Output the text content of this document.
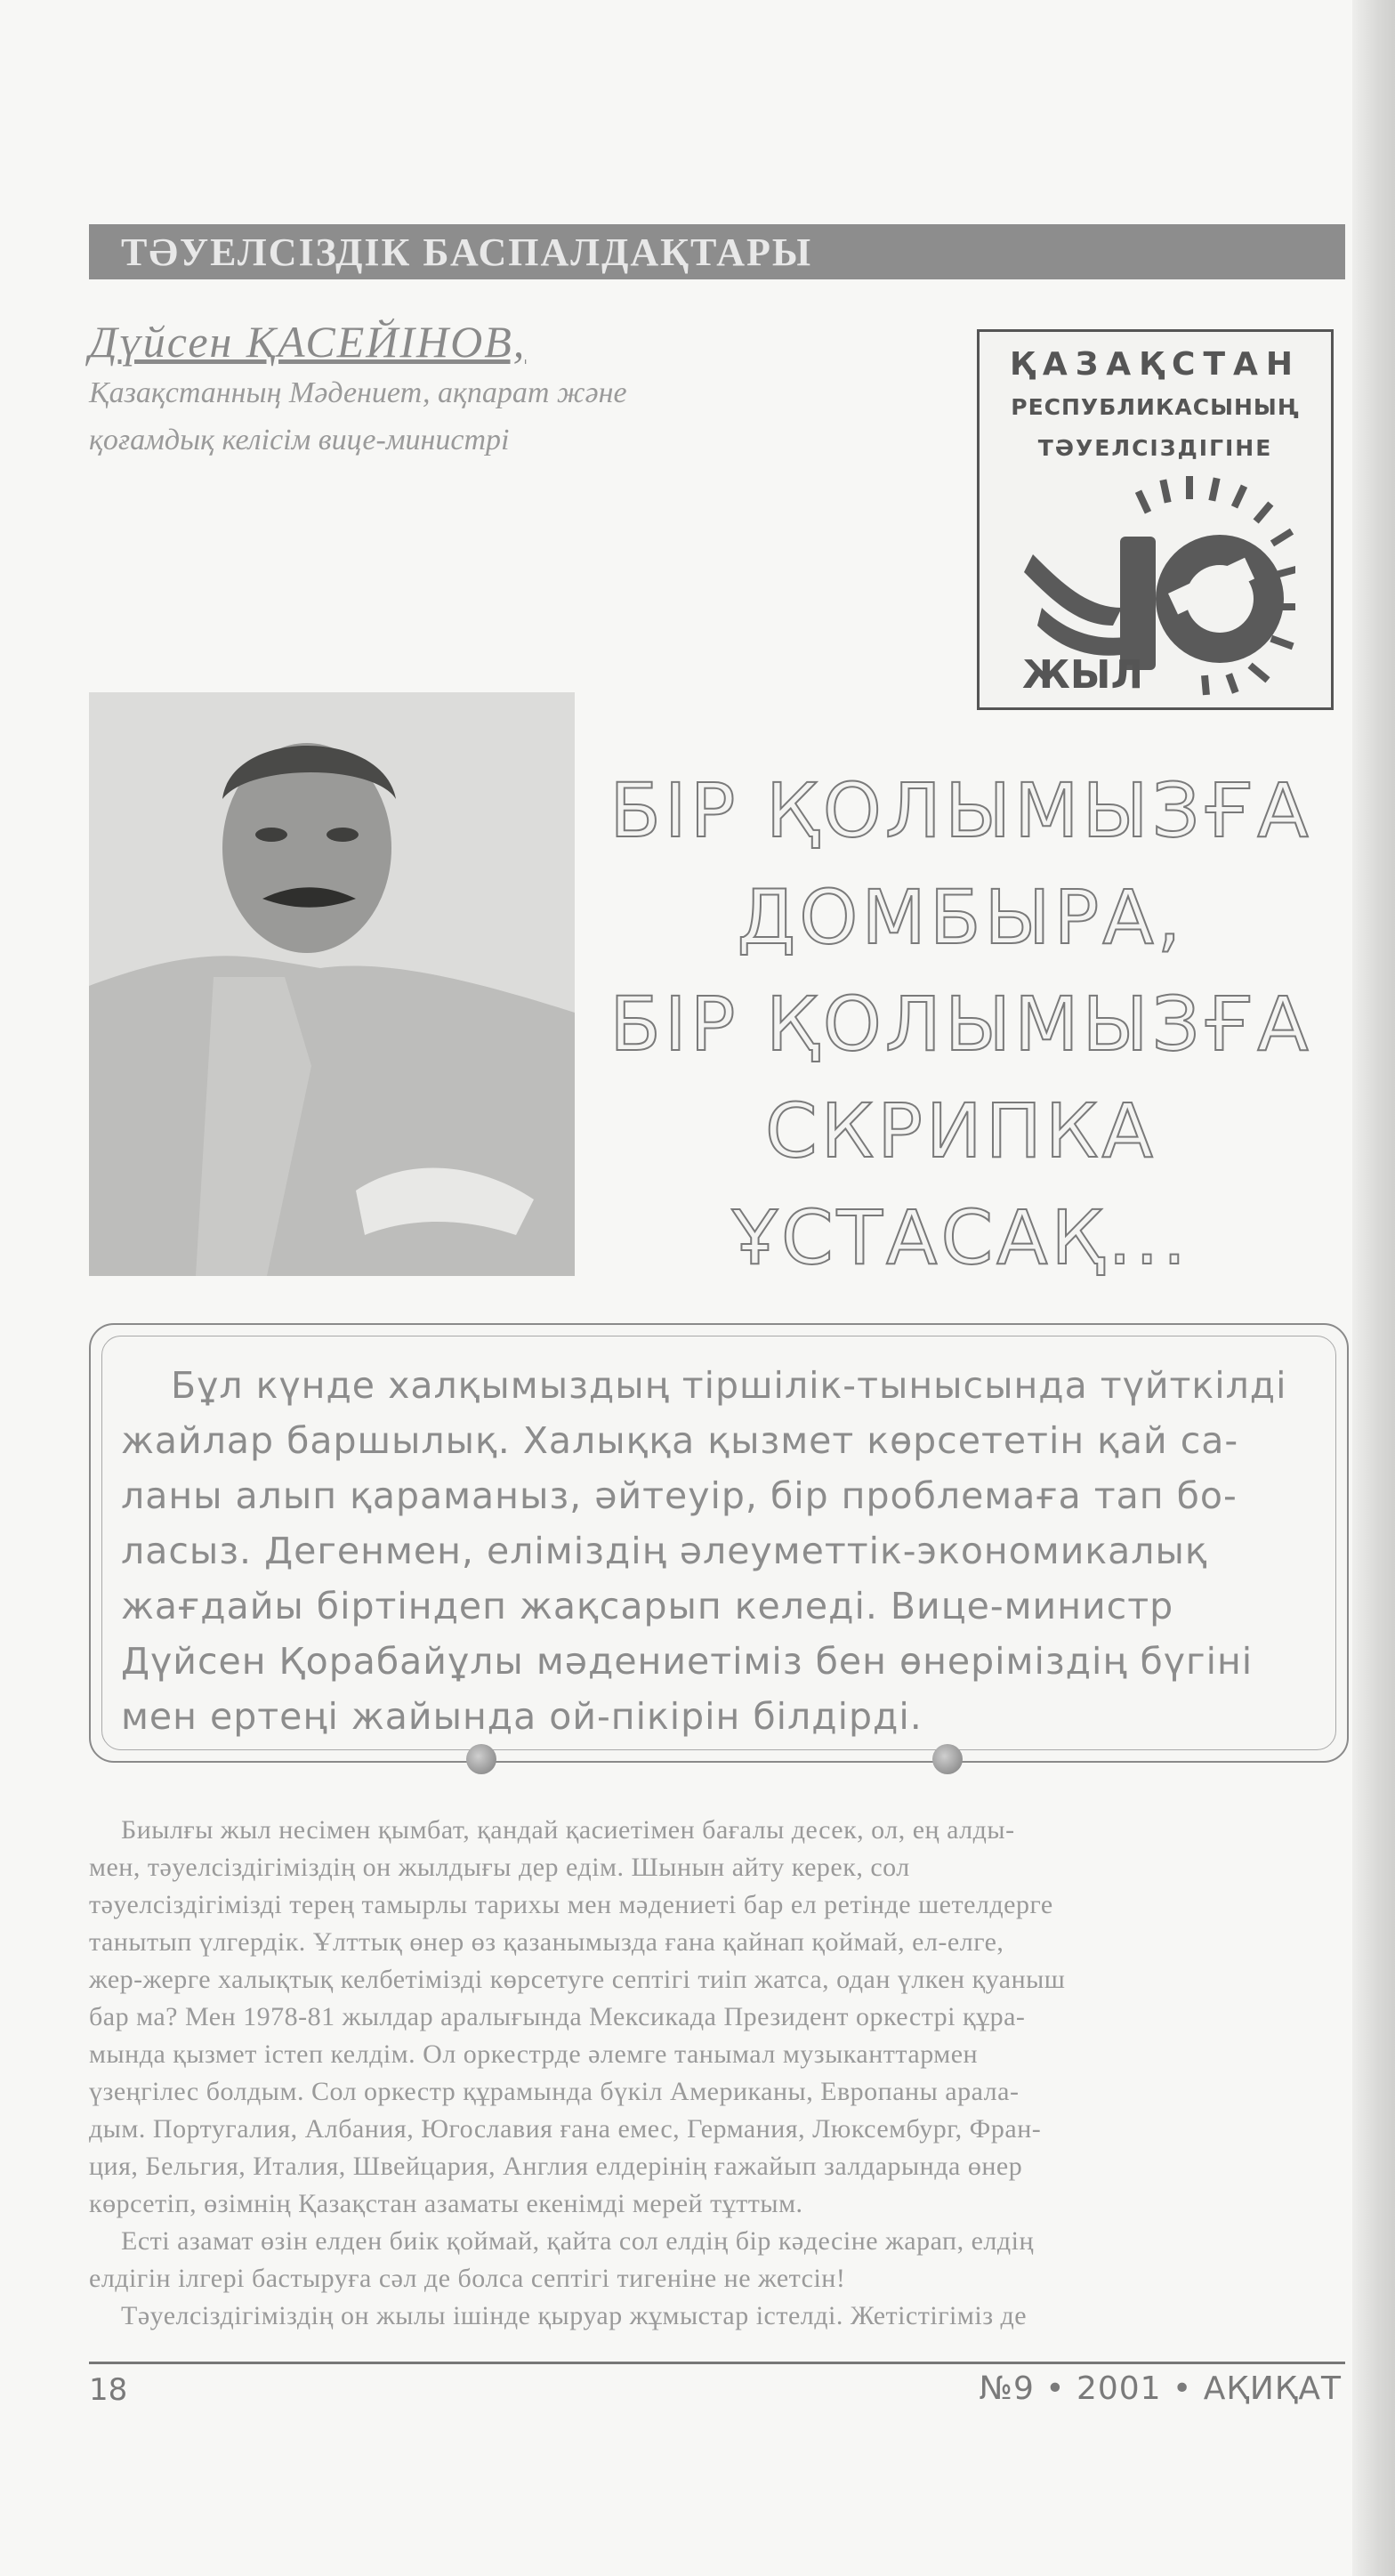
ТӘУЕЛСІЗДІК БАСПАЛДАҚТАРЫ
Дүйсен ҚАСЕЙІНОВ,
Қазақстанның Мәдениет, ақпарат және
қоғамдық келісім вице-министрі
ҚАЗАҚСТАН
РЕСПУБЛИКАСЫНЫҢ
ТӘУЕЛСІЗДІГІНЕ
ЖЫЛ
БІР ҚОЛЫМЫЗҒА
ДОМБЫРА,
БІР ҚОЛЫМЫЗҒА
СКРИПКА
ҰСТАСАҚ...
Бұл күнде халқымыздың тіршілік-тынысында түйткілді
жайлар баршылық. Халыққа қызмет көрсететін қай са-
ланы алып қараманыз, әйтеуір, бір проблемаға тап бо-
ласыз. Дегенмен, еліміздің әлеуметтік-экономикалық
жағдайы біртіндеп жақсарып келеді. Вице-министр
Дүйсен Қорабайұлы мәдениетіміз бен өнеріміздің бүгіні
мен ертеңі жайында ой-пікірін білдірді.
Биылғы жыл несімен қымбат, қандай қасиетімен бағалы десек, ол, ең алды-
мен, тәуелсіздігіміздің он жылдығы дер едім. Шынын айту керек, сол
тәуелсіздігімізді терең тамырлы тарихы мен мәдениеті бар ел ретінде шетелдерге
танытып үлгердік. Ұлттық өнер өз қазанымызда ғана қайнап қоймай, ел-елге,
жер-жерге халықтық келбетімізді көрсетуге септігі тиіп жатса, одан үлкен қуаныш
бар ма? Мен 1978-81 жылдар аралығында Мексикада Президент оркестрі құра-
мында қызмет істеп келдім. Ол оркестрде әлемге танымал музыканттармен
үзеңгілес болдым. Сол оркестр құрамында бүкіл Американы, Европаны арала-
дым. Португалия, Албания, Югославия ғана емес, Германия, Люксембург, Фран-
ция, Бельгия, Италия, Швейцария, Англия елдерінің ғажайып залдарында өнер
көрсетіп, өзімнің Қазақстан азаматы екенімді мерей тұттым.
Есті азамат өзін елден биік қоймай, қайта сол елдің бір кәдесіне жарап, елдің
елдігін ілгері бастыруға сәл де болса септігі тигеніне не жетсін!
Тәуелсіздігіміздің он жылы ішінде қыруар жұмыстар істелді. Жетістігіміз де
18	№9 • 2001 • АҚИҚАТ
